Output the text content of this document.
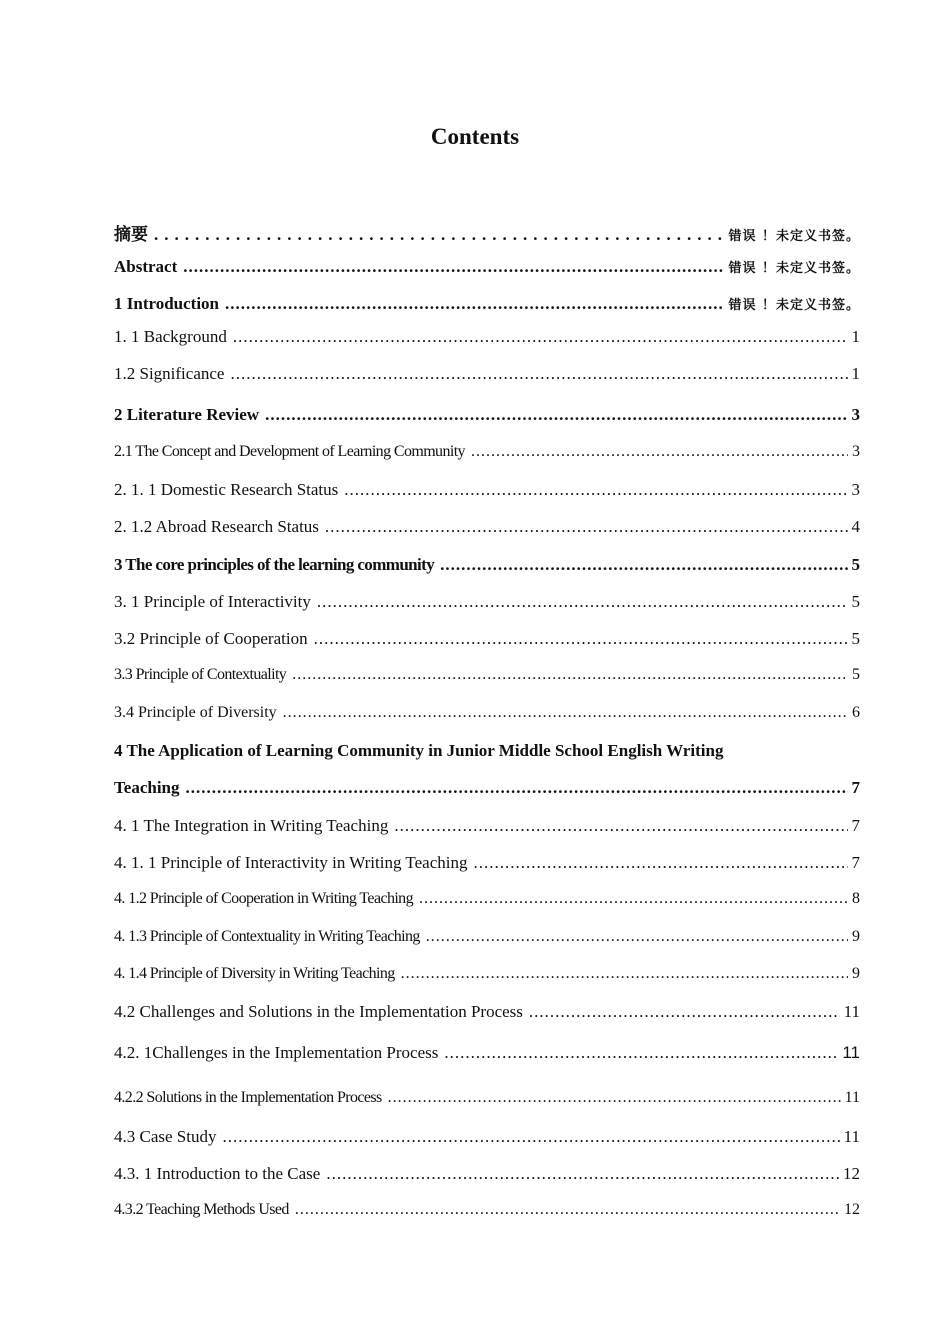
Contents
摘要 .....	错误 ！未定义书签。
Abstract .....	错误 ！未定义书签。
1 Introduction .....	错误 ！未定义书签。
1. 1 Background .....	1
1.2 Significance .....	1
2 Literature Review .....	3
2.1 The Concept and Development of Learning Community .....	3
2. 1. 1 Domestic Research Status .....	3
2. 1.2 Abroad Research Status .....	4
3 The core principles of the learning community .....	5
3. 1 Principle of Interactivity .....	5
3.2 Principle of Cooperation .....	5
3.3 Principle of Contextuality .....	5
3.4 Principle of Diversity .....	6
4 The Application of Learning Community in Junior Middle School English Writing
Teaching .....	7
4. 1 The Integration in Writing Teaching .....	7
4. 1. 1 Principle of Interactivity in Writing Teaching .....	7
4. 1.2 Principle of Cooperation in Writing Teaching .....	8
4. 1.3 Principle of Contextuality in Writing Teaching .....	9
4. 1.4 Principle of Diversity in Writing Teaching .....	9
4.2 Challenges and Solutions in the Implementation Process .....	11
4.2. 1Challenges in the Implementation Process .....	11
4.2.2 Solutions in the Implementation Process .....	11
4.3 Case Study .....	11
4.3. 1 Introduction to the Case .....	12
4.3.2 Teaching Methods Used .....	12
